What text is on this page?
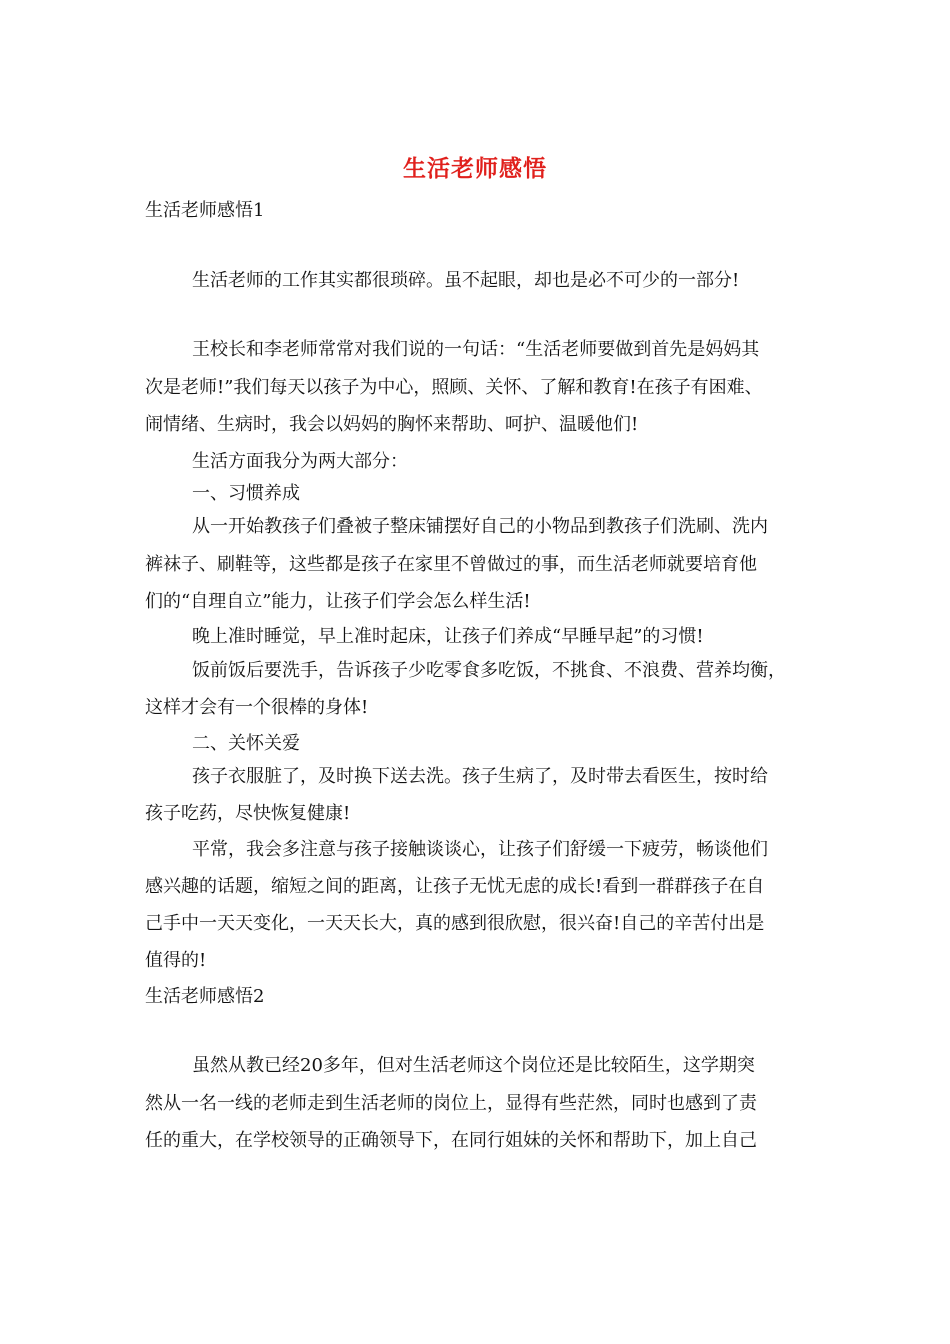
生活老师感悟
生活老师感悟1
生活老师的工作其实都很琐碎。虽不起眼，却也是必不可少的一部分!
王校长和李老师常常对我们说的一句话：“生活老师要做到首先是妈妈其
次是老师!”我们每天以孩子为中心，照顾、关怀、了解和教育!在孩子有困难、
闹情绪、生病时，我会以妈妈的胸怀来帮助、呵护、温暖他们!
生活方面我分为两大部分：
一、习惯养成
从一开始教孩子们叠被子整床铺摆好自己的小物品到教孩子们洗刷、洗内
裤袜子、刷鞋等，这些都是孩子在家里不曾做过的事，而生活老师就要培育他
们的“自理自立”能力，让孩子们学会怎么样生活!
晚上准时睡觉，早上准时起床，让孩子们养成“早睡早起”的习惯!
饭前饭后要洗手，告诉孩子少吃零食多吃饭，不挑食、不浪费、营养均衡，
这样才会有一个很棒的身体!
二、关怀关爱
孩子衣服脏了，及时换下送去洗。孩子生病了，及时带去看医生，按时给
孩子吃药，尽快恢复健康!
平常，我会多注意与孩子接触谈谈心，让孩子们舒缓一下疲劳，畅谈他们
感兴趣的话题，缩短之间的距离，让孩子无忧无虑的成长!看到一群群孩子在自
己手中一天天变化，一天天长大，真的感到很欣慰，很兴奋!自己的辛苦付出是
值得的!
生活老师感悟2
虽然从教已经20多年，但对生活老师这个岗位还是比较陌生，这学期突
然从一名一线的老师走到生活老师的岗位上，显得有些茫然，同时也感到了责
任的重大，在学校领导的正确领导下，在同行姐妹的关怀和帮助下，加上自己
